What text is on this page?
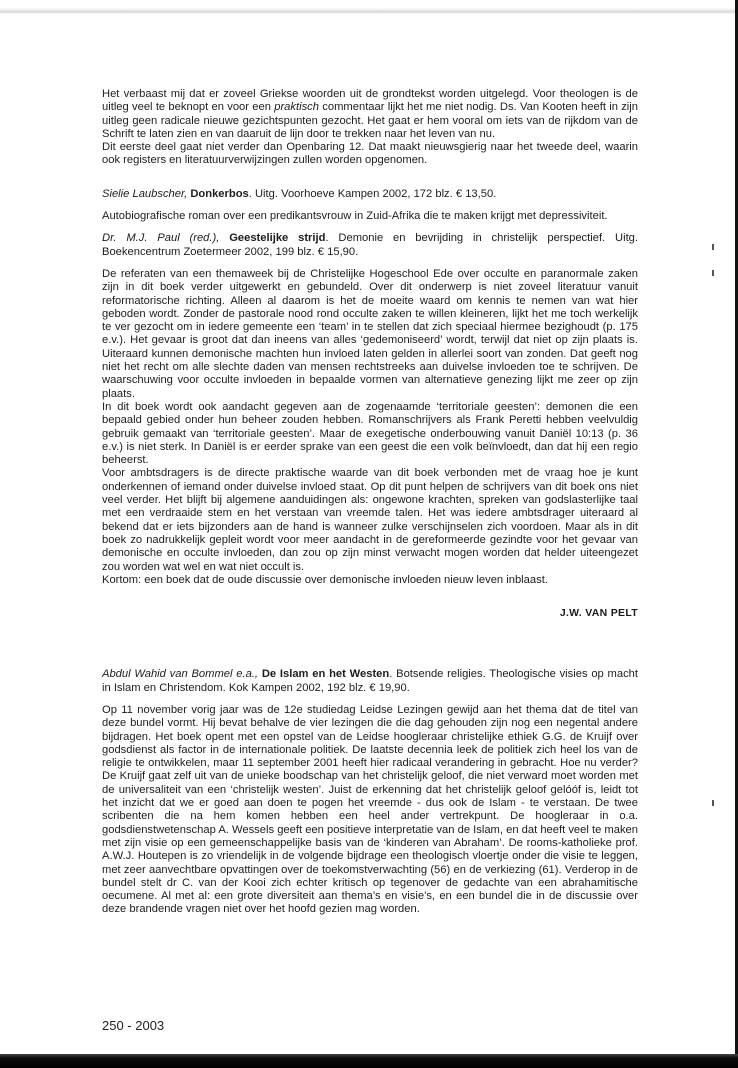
Het verbaast mij dat er zoveel Griekse woorden uit de grondtekst worden uitgelegd. Voor theologen is de uitleg veel te beknopt en voor een praktisch commentaar lijkt het me niet nodig. Ds. Van Kooten heeft in zijn uitleg geen radicale nieuwe gezichtspunten gezocht. Het gaat er hem vooral om iets van de rijkdom van de Schrift te laten zien en van daaruit de lijn door te trekken naar het leven van nu.

Dit eerste deel gaat niet verder dan Openbaring 12. Dat maakt nieuwsgierig naar het tweede deel, waarin ook registers en literatuurverwijzingen zullen worden opgenomen.

Sielie Laubscher, Donkerbos. Uitg. Voorhoeve Kampen 2002, 172 blz. € 13,50.

Autobiografische roman over een predikantsvrouw in Zuid-Afrika die te maken krijgt met depressiviteit.

Dr. M.J. Paul (red.), Geestelijke strijd. Demonie en bevrijding in christelijk perspectief. Uitg. Boekencentrum Zoetermeer 2002, 199 blz. € 15,90.

De referaten van een themaweek bij de Christelijke Hogeschool Ede over occulte en paranormale zaken zijn in dit boek verder uitgewerkt en gebundeld. Over dit onderwerp is niet zoveel literatuur vanuit reformatorische richting. Alleen al daarom is het de moeite waard om kennis te nemen van wat hier geboden wordt. Zonder de pastorale nood rond occulte zaken te willen kleineren, lijkt het me toch werkelijk te ver gezocht om in iedere gemeente een ‘team’ in te stellen dat zich speciaal hiermee bezighoudt (p. 175 e.v.). Het gevaar is groot dat dan ineens van alles ‘gedemoniseerd’ wordt, terwijl dat niet op zijn plaats is. Uiteraard kunnen demonische machten hun invloed laten gelden in allerlei soort van zonden. Dat geeft nog niet het recht om alle slechte daden van mensen rechtstreeks aan duivelse invloeden toe te schrijven. De waarschuwing voor occulte invloeden in bepaalde vormen van alternatieve genezing lijkt me zeer op zijn plaats.

In dit boek wordt ook aandacht gegeven aan de zogenaamde ‘territoriale geesten’: demonen die een bepaald gebied onder hun beheer zouden hebben. Romanschrijvers als Frank Peretti hebben veelvuldig gebruik gemaakt van ‘territoriale geesten’. Maar de exegetische onderbouwing vanuit Daniël 10:13 (p. 36 e.v.) is niet sterk. In Daniël is er eerder sprake van een geest die een volk beïnvloedt, dan dat hij een regio beheerst.

Voor ambtsdragers is de directe praktische waarde van dit boek verbonden met de vraag hoe je kunt onderkennen of iemand onder duivelse invloed staat. Op dit punt helpen de schrijvers van dit boek ons niet veel verder. Het blijft bij algemene aanduidingen als: ongewone krachten, spreken van godslasterlijke taal met een verdraaide stem en het verstaan van vreemde talen. Het was iedere ambtsdrager uiteraard al bekend dat er iets bijzonders aan de hand is wanneer zulke verschijnselen zich voordoen. Maar als in dit boek zo nadrukkelijk gepleit wordt voor meer aandacht in de gereformeerde gezindte voor het gevaar van demonische en occulte invloeden, dan zou op zijn minst verwacht mogen worden dat helder uiteengezet zou worden wat wel en wat niet occult is.

Kortom: een boek dat de oude discussie over demonische invloeden nieuw leven inblaast.

J.W. VAN PELT

Abdul Wahid van Bommel e.a., De Islam en het Westen. Botsende religies. Theologische visies op macht in Islam en Christendom. Kok Kampen 2002, 192 blz. € 19,90.

Op 11 november vorig jaar was de 12e studiedag Leidse Lezingen gewijd aan het thema dat de titel van deze bundel vormt. Hij bevat behalve de vier lezingen die die dag gehouden zijn nog een negental andere bijdragen. Het boek opent met een opstel van de Leidse hoogleraar christelijke ethiek G.G. de Kruijf over godsdienst als factor in de internationale politiek. De laatste decennia leek de politiek zich heel los van de religie te ontwikkelen, maar 11 september 2001 heeft hier radicaal verandering in gebracht. Hoe nu verder? De Kruijf gaat zelf uit van de unieke boodschap van het christelijk geloof, die niet verward moet worden met de universaliteit van een ‘christelijk westen’. Juist de erkenning dat het christelijk geloof gelóóf is, leidt tot het inzicht dat we er goed aan doen te pogen het vreemde - dus ook de Islam - te verstaan. De twee scribenten die na hem komen hebben een heel ander vertrekpunt. De hoogleraar in o.a. godsdienstwetenschap A. Wessels geeft een positieve interpretatie van de Islam, en dat heeft veel te maken met zijn visie op een gemeenschappelijke basis van de ‘kinderen van Abraham’. De rooms-katholieke prof. A.W.J. Houtepen is zo vriendelijk in de volgende bijdrage een theologisch vloertje onder die visie te leggen, met zeer aanvechtbare opvattingen over de toekomstverwachting (56) en de verkiezing (61). Verderop in de bundel stelt dr C. van der Kooi zich echter kritisch op tegenover de gedachte van een abrahamitische oecumene. Al met al: een grote diversiteit aan thema’s en visie’s, en een bundel die in de discussie over deze brandende vragen niet over het hoofd gezien mag worden.

250 - 2003
